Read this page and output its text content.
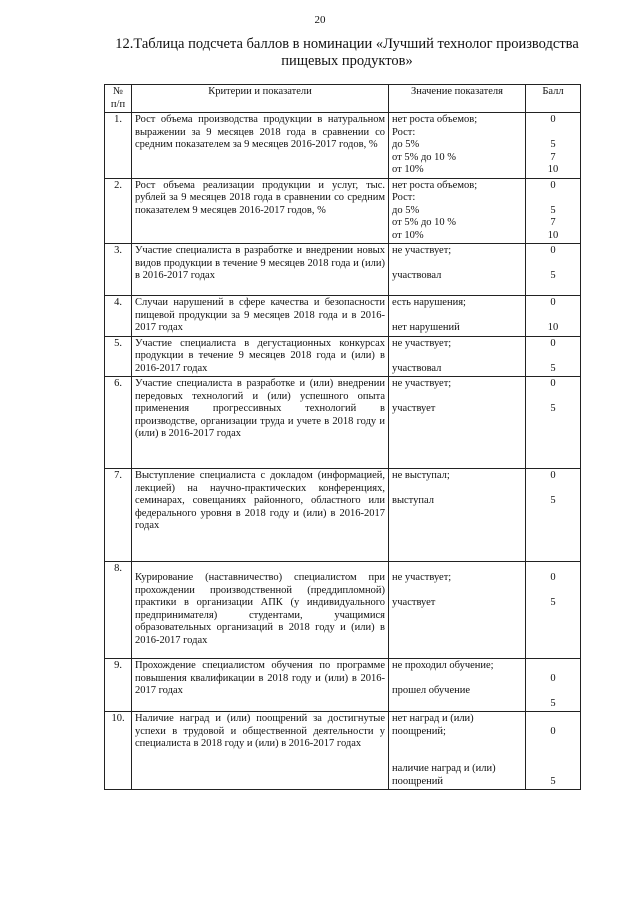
20
12.Таблица подсчета баллов в номинации «Лучший технолог производства пищевых продуктов»
№ п/п	Критерии и показатели	Значение показателя	Балл
1.	Рост объема производства продукции в натуральном выражении за 9 месяцев 2018 года в сравнении со средним показателем за 9 месяцев 2016-2017 годов, %	нет роста объемов;
Рост:
до 5%
от 5% до 10 %
от 10%	0
5
7
10

2.	Рост объема реализации продукции и услуг, тыс. рублей за 9 месяцев 2018 года в сравнении со средним показателем 9 месяцев 2016-2017 годов, %	нет роста объемов;
Рост:
до 5%
от 5% до 10 %
от 10%	0
5
7
10

3.	Участие специалиста в разработке и внедрении новых видов продукции в течение 9 месяцев 2018 года и (или) в 2016-2017 годах	не участвует;
участвовал	0
5

4.	Случаи нарушений в сфере качества и безопасности пищевой продукции за 9 месяцев 2018 года и в 2016-2017 годах	есть нарушения;
нет нарушений	0
10

5.	Участие специалиста в дегустационных конкурсах продукции в течение 9 месяцев 2018 года и (или) в 2016-2017 годах	не участвует;
участвовал	0
5

6.	Участие специалиста в разработке и (или) внедрении передовых технологий и (или) успешного опыта применения прогрессивных технологий в производстве, организации труда и учете в 2018 году и (или) в 2016-2017 годах	не участвует;
участвует	0
5

7.	Выступление специалиста с докладом (информацией, лекцией) на научно-практических конференциях, семинарах, совещаниях районного, областного или федерального уровня в 2018 году и (или) в 2016-2017 годах	не выступал;
выступал	0
5

8.	Курирование (наставничество) специалистом при прохождении производственной (преддипломной) практики в организации АПК (у индивидуального предпринимателя) студентами, учащимися образовательных организаций в 2018 году и (или) в 2016-2017 годах	не участвует;
участвует	0
5

9.	Прохождение специалистом обучения по программе повышения квалификации в 2018 году и (или) в 2016-2017 годах	не проходил обучение;
прошел обучение	0
5

10.	Наличие наград и (или) поощрений за достигнутые успехи в трудовой и общественной деятельности у специалиста в 2018 году и (или) в 2016-2017 годах	нет наград и (или)
поощрений;
наличие наград и (или)
поощрений	0
5
